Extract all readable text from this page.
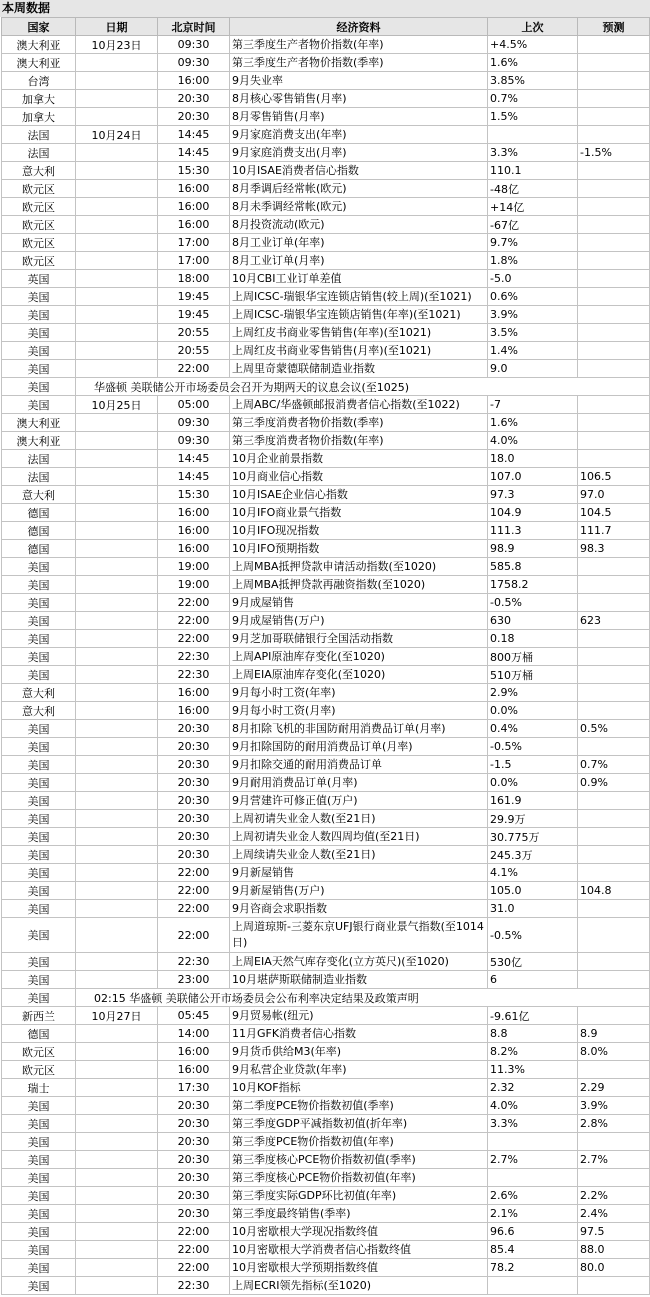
本周数据
国家	日期	北京时间	经济资料	上次	预测
澳大利亚	10月23日	09:30	第三季度生产者物价指数(年率)	+4.5%	
澳大利亚		09:30	第三季度生产者物价指数(季率)	1.6%	
台湾		16:00	9月失业率	3.85%	
加拿大		20:30	8月核心零售销售(月率)	0.7%	
加拿大		20:30	8月零售销售(月率)	1.5%	
法国	10月24日	14:45	9月家庭消费支出(年率)		
法国		14:45	9月家庭消费支出(月率)	3.3%	-1.5%
意大利		15:30	10月ISAE消费者信心指数	110.1	
欧元区		16:00	8月季调后经常帐(欧元)	-48亿	
欧元区		16:00	8月未季调经常帐(欧元)	+14亿	
欧元区		16:00	8月投资流动(欧元)	-67亿	
欧元区		17:00	8月工业订单(年率)	9.7%	
欧元区		17:00	8月工业订单(月率)	1.8%	
英国		18:00	10月CBI工业订单差值	-5.0	
美国		19:45	上周ICSC-瑞银华宝连锁店销售(较上周)(至1021)	0.6%	
美国		19:45	上周ICSC-瑞银华宝连锁店销售(年率)(至1021)	3.9%	
美国		20:55	上周红皮书商业零售销售(年率)(至1021)	3.5%	
美国		20:55	上周红皮书商业零售销售(月率)(至1021)	1.4%	
美国		22:00	上周里奇蒙德联储制造业指数	9.0	
美国	华盛顿 美联储公开市场委员会召开为期两天的议息会议(至1025)				
美国	10月25日	05:00	上周ABC/华盛顿邮报消费者信心指数(至1022)	-7	
澳大利亚		09:30	第三季度消费者物价指数(季率)	1.6%	
澳大利亚		09:30	第三季度消费者物价指数(年率)	4.0%	
法国		14:45	10月企业前景指数	18.0	
法国		14:45	10月商业信心指数	107.0	106.5
意大利		15:30	10月ISAE企业信心指数	97.3	97.0
德国		16:00	10月IFO商业景气指数	104.9	104.5
德国		16:00	10月IFO现况指数	111.3	111.7
德国		16:00	10月IFO预期指数	98.9	98.3
美国		19:00	上周MBA抵押贷款申请活动指数(至1020)	585.8	
美国		19:00	上周MBA抵押贷款再融资指数(至1020)	1758.2	
美国		22:00	9月成屋销售	-0.5%	
美国		22:00	9月成屋销售(万户)	630	623
美国		22:00	9月芝加哥联储银行全国活动指数	0.18	
美国		22:30	上周API原油库存变化(至1020)	800万桶	
美国		22:30	上周EIA原油库存变化(至1020)	510万桶	
意大利		16:00	9月每小时工资(年率)	2.9%	
意大利		16:00	9月每小时工资(月率)	0.0%	
美国		20:30	8月扣除飞机的非国防耐用消费品订单(月率)	0.4%	0.5%
美国		20:30	9月扣除国防的耐用消费品订单(月率)	-0.5%	
美国		20:30	9月扣除交通的耐用消费品订单	-1.5	0.7%
美国		20:30	9月耐用消费品订单(月率)	0.0%	0.9%
美国		20:30	9月营建许可修正值(万户)	161.9	
美国		20:30	上周初请失业金人数(至21日)	29.9万	
美国		20:30	上周初请失业金人数四周均值(至21日)	30.775万	
美国		20:30	上周续请失业金人数(至21日)	245.3万	
美国		22:00	9月新屋销售	4.1%	
美国		22:00	9月新屋销售(万户)	105.0	104.8
美国		22:00	9月咨商会求职指数	31.0	
美国		22:00	上周道琼斯-三菱东京UFJ银行商业景气指数(至1014日)	-0.5%	
美国		22:30	上周EIA天然气库存变化(立方英尺)(至1020)	530亿	
美国		23:00	10月堪萨斯联储制造业指数	6	
美国	02:15 华盛顿 美联储公开市场委员会公布利率决定结果及政策声明				
新西兰	10月27日	05:45	9月贸易帐(纽元)	-9.61亿	
德国		14:00	11月GFK消费者信心指数	8.8	8.9
欧元区		16:00	9月货币供给M3(年率)	8.2%	8.0%
欧元区		16:00	9月私营企业贷款(年率)	11.3%	
瑞士		17:30	10月KOF指标	2.32	2.29
美国		20:30	第二季度PCE物价指数初值(季率)	4.0%	3.9%
美国		20:30	第三季度GDP平减指数初值(折年率)	3.3%	2.8%
美国		20:30	第三季度PCE物价指数初值(年率)		
美国		20:30	第三季度核心PCE物价指数初值(季率)	2.7%	2.7%
美国		20:30	第三季度核心PCE物价指数初值(年率)		
美国		20:30	第三季度实际GDP环比初值(年率)	2.6%	2.2%
美国		20:30	第三季度最终销售(季率)	2.1%	2.4%
美国		22:00	10月密歇根大学现况指数终值	96.6	97.5
美国		22:00	10月密歇根大学消费者信心指数终值	85.4	88.0
美国		22:00	10月密歇根大学预期指数终值	78.2	80.0
美国		22:30	上周ECRI领先指标(至1020)		
